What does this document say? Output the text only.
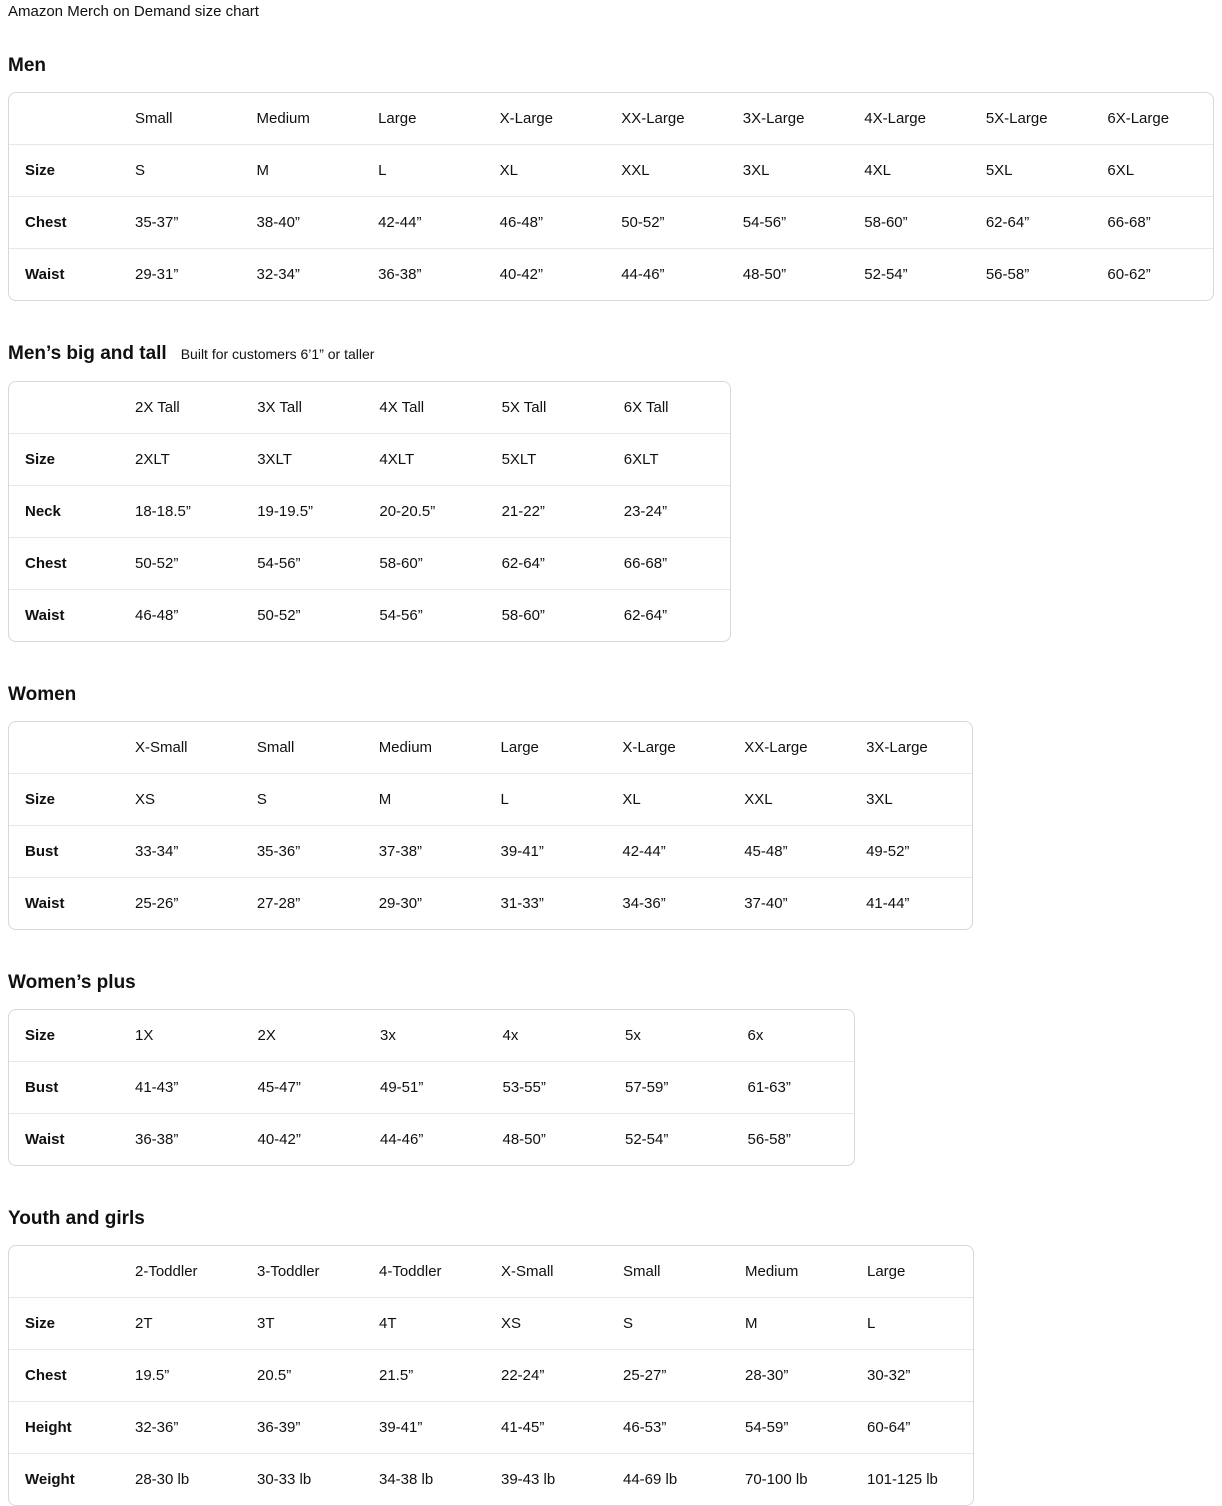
Amazon Merch on Demand size chart
Men
	Small	Medium	Large	X-Large	XX-Large	3X-Large	4X-Large	5X-Large	6X-Large
Size	S	M	L	XL	XXL	3XL	4XL	5XL	6XL
Chest	35-37”	38-40”	42-44”	46-48”	50-52”	54-56”	58-60”	62-64”	66-68”
Waist	29-31”	32-34”	36-38”	40-42”	44-46”	48-50”	52-54”	56-58”	60-62”
Men’s big and tall Built for customers 6’1” or taller
	2X Tall	3X Tall	4X Tall	5X Tall	6X Tall
Size	2XLT	3XLT	4XLT	5XLT	6XLT
Neck	18-18.5”	19-19.5”	20-20.5”	21-22”	23-24”
Chest	50-52”	54-56”	58-60”	62-64”	66-68”
Waist	46-48”	50-52”	54-56”	58-60”	62-64”
Women
	X-Small	Small	Medium	Large	X-Large	XX-Large	3X-Large
Size	XS	S	M	L	XL	XXL	3XL
Bust	33-34”	35-36”	37-38”	39-41”	42-44”	45-48”	49-52”
Waist	25-26”	27-28”	29-30”	31-33”	34-36”	37-40”	41-44”
Women’s plus
Size	1X	2X	3x	4x	5x	6x
Bust	41-43”	45-47”	49-51”	53-55”	57-59”	61-63”
Waist	36-38”	40-42”	44-46”	48-50”	52-54”	56-58”
Youth and girls
	2-Toddler	3-Toddler	4-Toddler	X-Small	Small	Medium	Large
Size	2T	3T	4T	XS	S	M	L
Chest	19.5”	20.5”	21.5”	22-24”	25-27”	28-30”	30-32”
Height	32-36”	36-39”	39-41”	41-45”	46-53”	54-59”	60-64”
Weight	28-30 lb	30-33 lb	34-38 lb	39-43 lb	44-69 lb	70-100 lb	101-125 lb
